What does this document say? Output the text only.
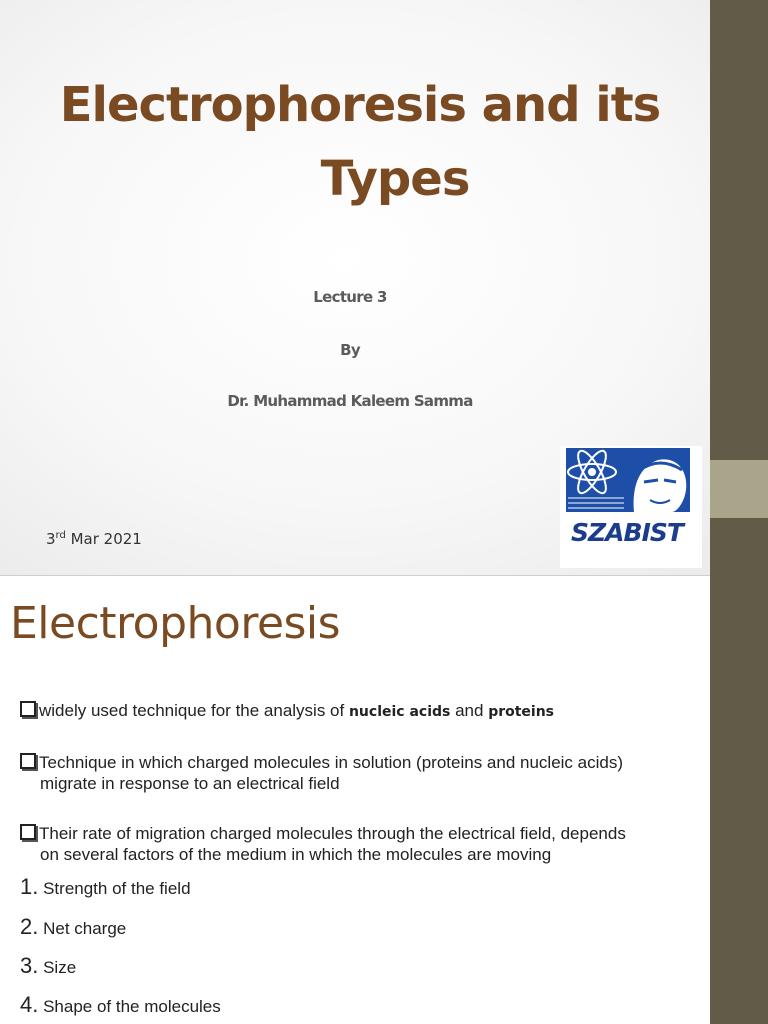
Electrophoresis and its
Types
Lecture 3
By
Dr. Muhammad Kaleem Samma
3rd Mar 2021	SZABIST
Electrophoresis
widely used technique for the analysis of nucleic acids and proteins
Technique in which charged molecules in solution (proteins and nucleic acids)
migrate in response to an electrical field
Their rate of migration charged molecules through the electrical field, depends
on several factors of the medium in which the molecules are moving
1. Strength of the field
2. Net charge
3. Size
4. Shape of the molecules
